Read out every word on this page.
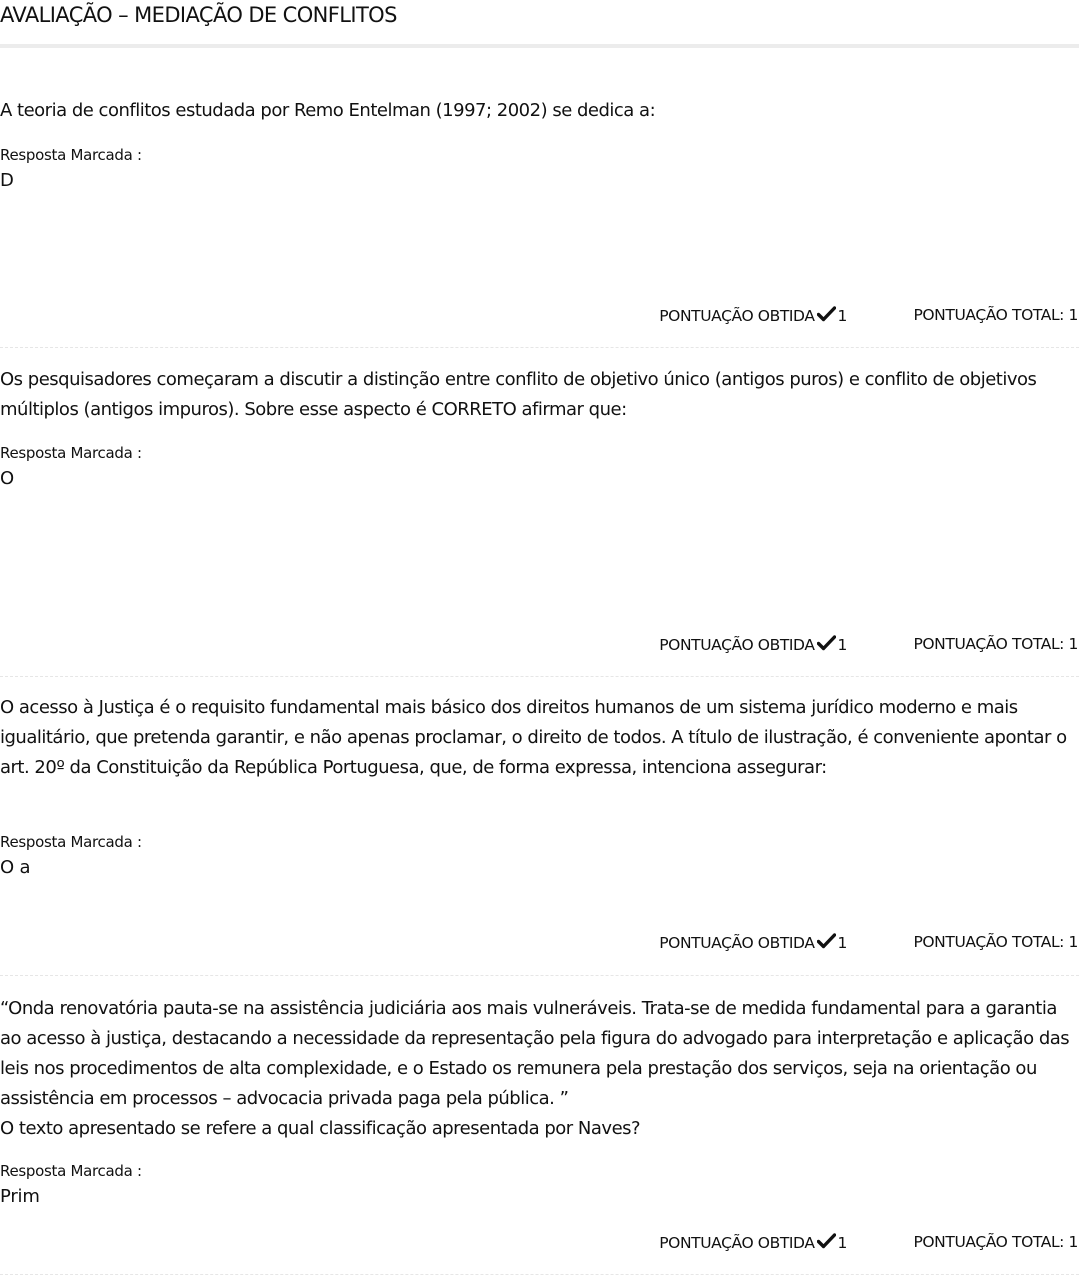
AVALIAÇÃO – MEDIAÇÃO DE CONFLITOS
A teoria de conflitos estudada por Remo Entelman (1997; 2002) se dedica a:
Resposta Marcada :
D
PONTUAÇÃO OBTIDA 1	PONTUAÇÃO TOTAL: 1
Os pesquisadores começaram a discutir a distinção entre conflito de objetivo único (antigos puros) e conflito de objetivos múltiplos (antigos impuros). Sobre esse aspecto é CORRETO afirmar que:
Resposta Marcada :
O
PONTUAÇÃO OBTIDA 1	PONTUAÇÃO TOTAL: 1
O acesso à Justiça é o requisito fundamental mais básico dos direitos humanos de um sistema jurídico moderno e mais igualitário, que pretenda garantir, e não apenas proclamar, o direito de todos. A título de ilustração, é conveniente apontar o art. 20º da Constituição da República Portuguesa, que, de forma expressa, intenciona assegurar:
Resposta Marcada :
O a
PONTUAÇÃO OBTIDA 1	PONTUAÇÃO TOTAL: 1
“Onda renovatória pauta-se na assistência judiciária aos mais vulneráveis. Trata-se de medida fundamental para a garantia ao acesso à justiça, destacando a necessidade da representação pela figura do advogado para interpretação e aplicação das leis nos procedimentos de alta complexidade, e o Estado os remunera pela prestação dos serviços, seja na orientação ou assistência em processos – advocacia privada paga pela pública. ”
O texto apresentado se refere a qual classificação apresentada por Naves?
Resposta Marcada :
Prim
PONTUAÇÃO OBTIDA 1	PONTUAÇÃO TOTAL: 1
